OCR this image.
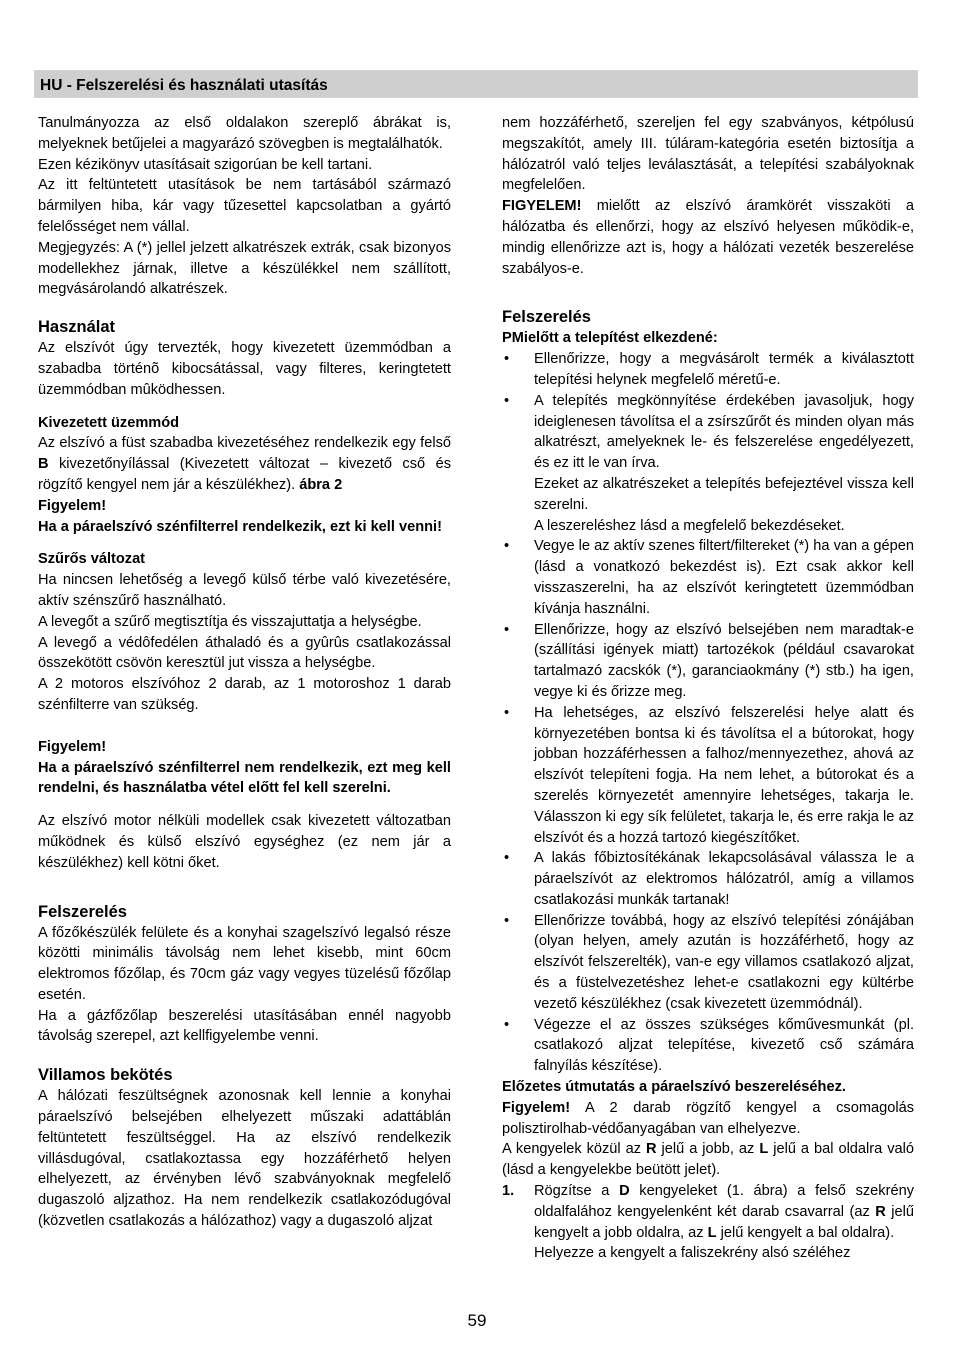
HU - Felszerelési és használati utasítás

Tanulmányozza az első oldalakon szereplő ábrákat is, melyeknek betűjelei a magyarázó szövegben is megtalálhatók.

Ezen kézikönyv utasításait szigorúan be kell tartani.

Az itt feltüntetett utasítások be nem tartásából származó bármilyen hiba, kár vagy tűzesettel kapcsolatban a gyártó felelősséget nem vállal.

Megjegyzés: A (*) jellel jelzett alkatrészek extrák, csak bizonyos modellekhez járnak, illetve a készülékkel nem szállított, megvásárolandó alkatrészek.

Használat

Az elszívót úgy tervezték, hogy kivezetett üzemmódban a szabadba történõ kibocsátással, vagy filteres, keringtetett üzemmódban mûködhessen.

Kivezetett üzemmód

Az elszívó a füst szabadba kivezetéséhez rendelkezik egy felső B kivezetőnyílással (Kivezetett változat – kivezető cső és rögzítő kengyel nem jár a készülékhez). ábra 2

Figyelem!

Ha a páraelszívó szénfilterrel rendelkezik, ezt ki kell venni!

Szűrős változat

Ha nincsen lehetőség a levegő külső térbe való kivezetésére, aktív szénszűrő használható.

A levegőt a szűrő megtisztítja és visszajuttatja a helységbe.

A levegő a védôfedélen áthaladó és a gyûrûs csatlakozással összekötött csövön keresztül jut vissza a helységbe.

A 2 motoros elszívóhoz 2 darab, az 1 motoroshoz 1 darab szénfilterre van szükség.

Figyelem!

Ha a páraelszívó szénfilterrel nem rendelkezik, ezt meg kell rendelni, és használatba vétel előtt fel kell szerelni.

Az elszívó motor nélküli modellek csak kivezetett változatban működnek és külső elszívó egységhez (ez nem jár a készülékhez) kell kötni őket.

Felszerelés

A főzőkészülék felülete és a konyhai szagelszívó legalsó része közötti minimális távolság nem lehet kisebb, mint 60cm elektromos főzőlap, és 70cm gáz vagy vegyes tüzelésű főzőlap esetén.

Ha a gázfőzőlap beszerelési utasításában ennél nagyobb távolság szerepel, azt kellfigyelembe venni.

Villamos bekötés

A hálózati feszültségnek azonosnak kell lennie a konyhai páraelszívó belsejében elhelyezett műszaki adattáblán feltüntetett feszültséggel. Ha az elszívó rendelkezik villásdugóval, csatlakoztassa egy hozzáférhető helyen elhelyezett, az érvényben lévő szabványoknak megfelelő dugaszoló aljzathoz. Ha nem rendelkezik csatlakozódugóval (közvetlen csatlakozás a hálózathoz) vagy a dugaszoló aljzat

nem hozzáférhető, szereljen fel egy szabványos, kétpólusú megszakítót, amely III. túláram-kategória esetén biztosítja a hálózatról való teljes leválasztását, a telepítési szabályoknak megfelelően.

FIGYELEM! mielőtt az elszívó áramkörét visszaköti a hálózatba és ellenőrzi, hogy az elszívó helyesen működik-e, mindig ellenőrizze azt is, hogy a hálózati vezeték beszerelése szabályos-e.

Felszerelés
PMielőtt a telepítést elkezdené:
• Ellenőrizze, hogy a megvásárolt termék a kiválasztott telepítési helynek megfelelő méretű-e.
• A telepítés megkönnyítése érdekében javasoljuk, hogy ideiglenesen távolítsa el a zsírszűrőt és minden olyan más alkatrészt, amelyeknek le- és felszerelése engedélyezett, és ez itt le van írva.

Ezeket az alkatrészeket a telepítés befejeztével vissza kell szerelni.

A leszereléshez lásd a megfelelő bekezdéseket.

• Vegye le az aktív szenes filtert/filtereket (*) ha van a gépen (lásd a vonatkozó bekezdést is). Ezt csak akkor kell visszaszerelni, ha az elszívót keringtetett üzemmódban kívánja használni.
• Ellenőrizze, hogy az elszívó belsejében nem maradtak-e (szállítási igények miatt) tartozékok (például csavarokat tartalmazó zacskók (*), garanciaokmány (*) stb.) ha igen, vegye ki és őrizze meg.
• Ha lehetséges, az elszívó felszerelési helye alatt és környezetében bontsa ki és távolítsa el a bútorokat, hogy jobban hozzáférhessen a falhoz/mennyezethez, ahová az elszívót telepíteni fogja. Ha nem lehet, a bútorokat és a szerelés környezetét amennyire lehetséges, takarja le. Válasszon ki egy sík felületet, takarja le, és erre rakja le az elszívót és a hozzá tartozó kiegészítőket.
• A lakás főbiztosítékának lekapcsolásával válassza le a páraelszívót az elektromos hálózatról, amíg a villamos csatlakozási munkák tartanak!
• Ellenőrizze továbbá, hogy az elszívó telepítési zónájában (olyan helyen, amely azután is hozzáférhető, hogy az elszívót felszerelték), van-e egy villamos csatlakozó aljzat, és a füstelvezetéshez lehet-e csatlakozni egy kültérbe vezető készülékhez (csak kivezetett üzemmódnál).
• Végezze el az összes szükséges kőművesmunkát (pl. csatlakozó aljzat telepítése, kivezető cső számára falnyílás készítése).

Előzetes útmutatás a páraelszívó beszereléséhez.

Figyelem! A 2 darab rögzítő kengyel a csomagolás polisztirolhab-védőanyagában van elhelyezve.

A kengyelek közül az R jelű a jobb, az L jelű a bal oldalra való (lásd a kengyelekbe beütött jelet).

1. Rögzítse a D kengyeleket (1. ábra) a felső szekrény oldalfalához kengyelenként két darab csavarral (az R jelű kengyelt a jobb oldalra, az L jelű kengyelt a bal oldalra).
Helyezze a kengyelt a faliszekrény alsó széléhez
59
